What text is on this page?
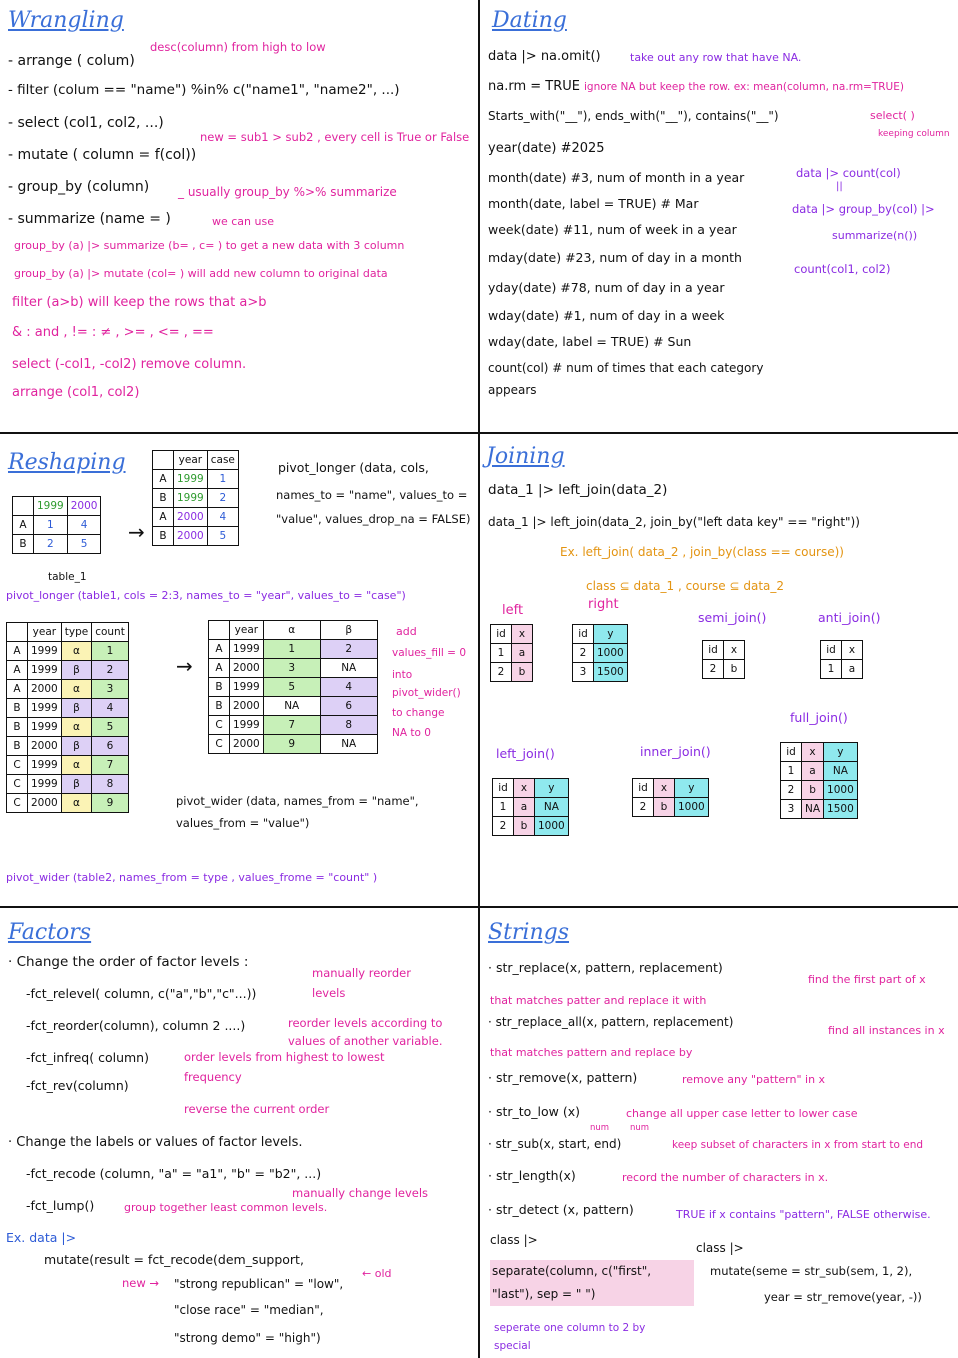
Wrangling
- arrange ( colum)
desc(column) from high to low
- filter (colum == "name") %in% c("name1", "name2", ...)
- select (col1, col2, ...)
new = sub1 > sub2 , every cell is True or False
- mutate ( column = f(col))
- group_by (column) _ usually group_by %>% summarize
- summarize (name = )	we can use
group_by (a) |> summarize (b= , c= ) to get a new data with 3 column
group_by (a) |> mutate (col= ) will add new column to original data
filter (a>b) will keep the rows that a>b
& : and , != : ≠ , >= , <= , ==
select (-col1, -col2) remove column.
arrange (col1, col2)
Dating
data |> na.omit()	take out any row that have NA.
na.rm = TRUE ignore NA but keep the row. ex: mean(column, na.rm=TRUE)
Starts_with("__"), ends_with("__"), contains("__")	select( )
keeping column
year(date) #2025
month(date) #3, num of month in a year
month(date, label = TRUE) # Mar
week(date) #11, num of week in a year
mday(date) #23, num of day in a month
yday(date) #78, num of day in a year
wday(date) #1, num of day in a week
wday(date, label = TRUE) # Sun
count(col) # num of times that each category
appears
data |> count(col)
||
data |> group_by(col) |>
summarize(n())
count(col1, col2)
Reshaping
	1999	2000
A	1	4
B	2	5
table_1
→
	year	case
A	1999	1
B	1999	2
A	2000	4
B	2000	5
pivot_longer (data, cols,
names_to = "name", values_to =
"value", values_drop_na = FALSE)
pivot_longer (table1, cols = 2:3, names_to = "year", values_to = "case")
	year	type	count
A	1999	α	1
A	1999	β	2
A	2000	α	3
B	1999	β	4
B	1999	α	5
B	2000	β	6
C	1999	α	7
C	1999	β	8
C	2000	α	9
→
	year	α	β
A	1999	1	2
A	2000	3	NA
B	1999	5	4
B	2000	NA	6
C	1999	7	8
C	2000	9	NA
add
values_fill = 0
into
pivot_wider()
to change
NA to 0
pivot_wider (data, names_from = "name",
values_from = "value")
pivot_wider (table2, names_from = type , values_frome = "count" )
Joining
data_1 |> left_join(data_2)
data_1 |> left_join(data_2, join_by("left data key" == "right"))
Ex. left_join( data_2 , join_by(class == course))
class ⊆ data_1 , course ⊆ data_2
left	right
id	x
1	a
2	b
id	y
2	1000
3	1500
semi_join()
id	x
2	b
anti_join()
id	x
1	a
full_join()
id	x	y
1	a	NA
2	b	1000
3	NA	1500
left_join()
id	x	y
1	a	NA
2	b	1000
inner_join()
id	x	y
2	b	1000
Factors
· Change the order of factor levels :
-fct_relevel( column, c("a","b","c"...))
manually reorder levels
-fct_reorder(column), column 2 ....)	reorder levels according to values of another variable.
-fct_infreq( column)	order levels from highest to lowest frequency
-fct_rev(column)
reverse the current order
· Change the labels or values of factor levels.
-fct_recode (column, "a" = "a1", "b" = "b2", ...)
-fct_lump()	group together least common levels.
manually change levels
Ex. data |>
mutate(result = fct_recode(dem_support,
new → "strong republican" = "low",
← old
"close race" = "median",
"strong demo" = "high")
Strings
· str_replace(x, pattern, replacement)
find the first part of x that matches patter and replace it with
· str_replace_all(x, pattern, replacement)
find all instances in x that matches pattern and replace by
· str_remove(x, pattern)	remove any "pattern" in x
· str_to_low (x)	change all upper case letter to lower case
num num
· str_sub(x, start, end)	keep subset of characters in x from start to end
· str_length(x)	record the number of characters in x.
· str_detect (x, pattern)	TRUE if x contains "pattern", FALSE otherwise.
class |>
separate(column, c("first", "last"), sep = " ")
seperate one column to 2 by special
class |>
mutate(seme = str_sub(sem, 1, 2),
year = str_remove(year, -))
